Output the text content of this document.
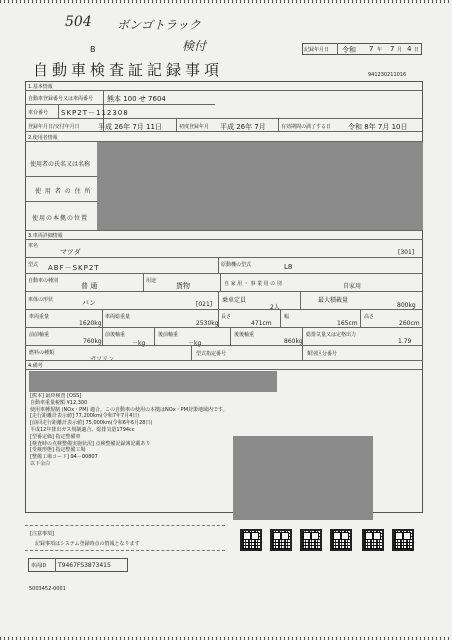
504 ボンゴトラック
検付
B	記録年月日 令和 7 年 7 月 4 日
自動車検査証記録事項	941230211016
1.基本情報
自動車登録番号又は車両番号 熊本 100 せ 7604
車台番号 SKP2T－112308
登録年月日/交付年月日	平成 26年 7月 11日	初度登録年月 平成 26年 7月	有効期間の満了する日 令和 8年 7月 10日
2.使用者情報
使用者の氏名又は名称
使 用 者 の 住 所
使用の本拠の位置
3.車両詳細情報
車名
マツダ	[301]
型式 ABF－SKP2T	原動機の型式	L8
自動車の種別
普 通
用途
貨物	自 家 用 ・ 事 業 用 の 別	自家用
車体の形状	バン	[021]
乗車定員
2人
最大積載量
800kg
車両重量
1620kg
車両総重量
2530kg
長さ
471cm
幅
165cm
高さ
260cm
前前軸重
760kg
前後軸重
－kg
後前軸重
－kg
後後軸重
860kg
総排気量又は定格出力
1.79
燃料の種類
ガソリン
型式指定番号	類別区分番号
4.備考
[熊本] 最終検査 [OSS]
自動車重量税額 ¥12,300
使用車種規制 (NOx・PM) 適合。この自動車の使用の本拠はNOx・PM対策地域内です。
[走行距離計表示値] 77,200km(令和7年7月4日)
[前回走行距離計表示値] 75,000km(令和6年6月28日)
平成12年排出ガス規制適合、総排気量1794cc
[型番定価] 指定整備車
[検査時の点検整備実施状況] 点検整備記録簿記載あり
[受検形態] 指定整備工場
[整備工場コード] 94－00807
以下余白
[注意事項]
記録事項はシステム登録時点の情報となります
車両ID T9467FS3873415
5003452-0001
